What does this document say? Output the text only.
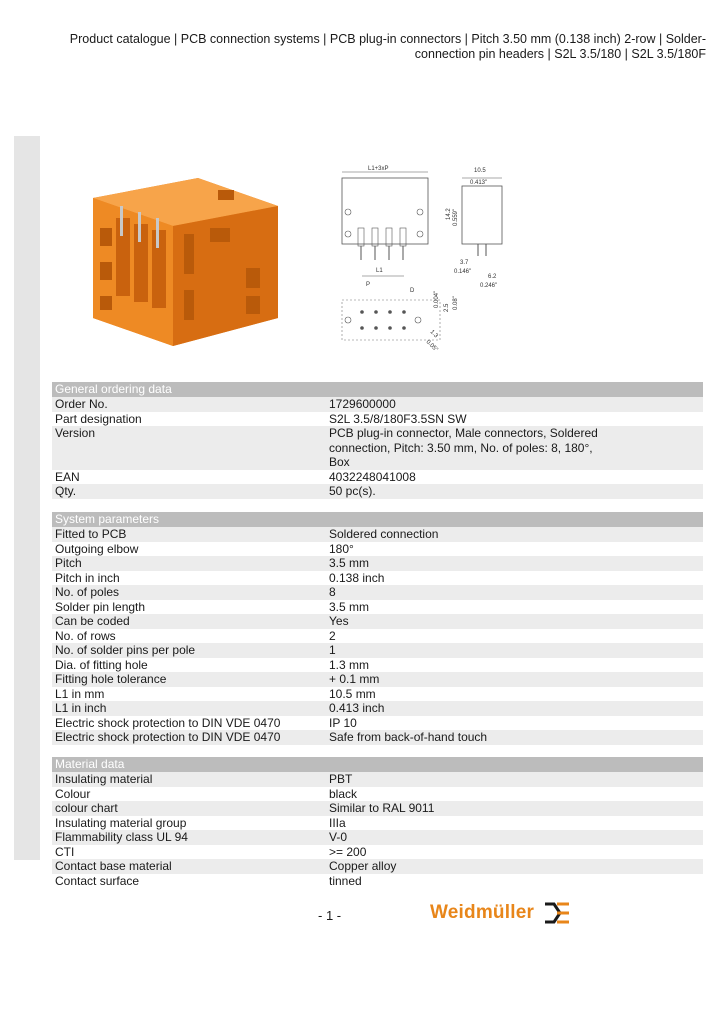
Product catalogue | PCB connection systems | PCB plug-in connectors | Pitch 3.50 mm (0.138 inch) 2-row | Solder-
connection pin headers | S2L 3.5/180 | S2L 3.5/180F
L1+3xP	10.5
0.413"
14.2 0.559"
3.7
0.146"
6.2
0.246"
L1
P
D
2.5
0.004" 0.08"
1.3
0.05"
General ordering data
Order No.	1729600000
Part designation	S2L 3.5/8/180F3.5SN SW
Version	PCB plug-in connector, Male connectors, Soldered
connection, Pitch: 3.50 mm, No. of poles: 8, 180°,
Box
EAN	4032248041008
Qty.	50 pc(s).
System parameters
Fitted to PCB	Soldered connection
Outgoing elbow	180°
Pitch	3.5 mm
Pitch in inch	0.138 inch
No. of poles	8
Solder pin length	3.5 mm
Can be coded	Yes
No. of rows	2
No. of solder pins per pole	1
Dia. of fitting hole	1.3 mm
Fitting hole tolerance	+ 0.1 mm
L1 in mm	10.5 mm
L1 in inch	0.413 inch
Electric shock protection to DIN VDE 0470	IP 10
Electric shock protection to DIN VDE 0470	Safe from back-of-hand touch
Material data
Insulating material	PBT
Colour	black
colour chart	Similar to RAL 9011
Insulating material group	IIIa
Flammability class UL 94	V-0
CTI	>= 200
Contact base material	Copper alloy
Contact surface	tinned
- 1 -	Weidmüller
